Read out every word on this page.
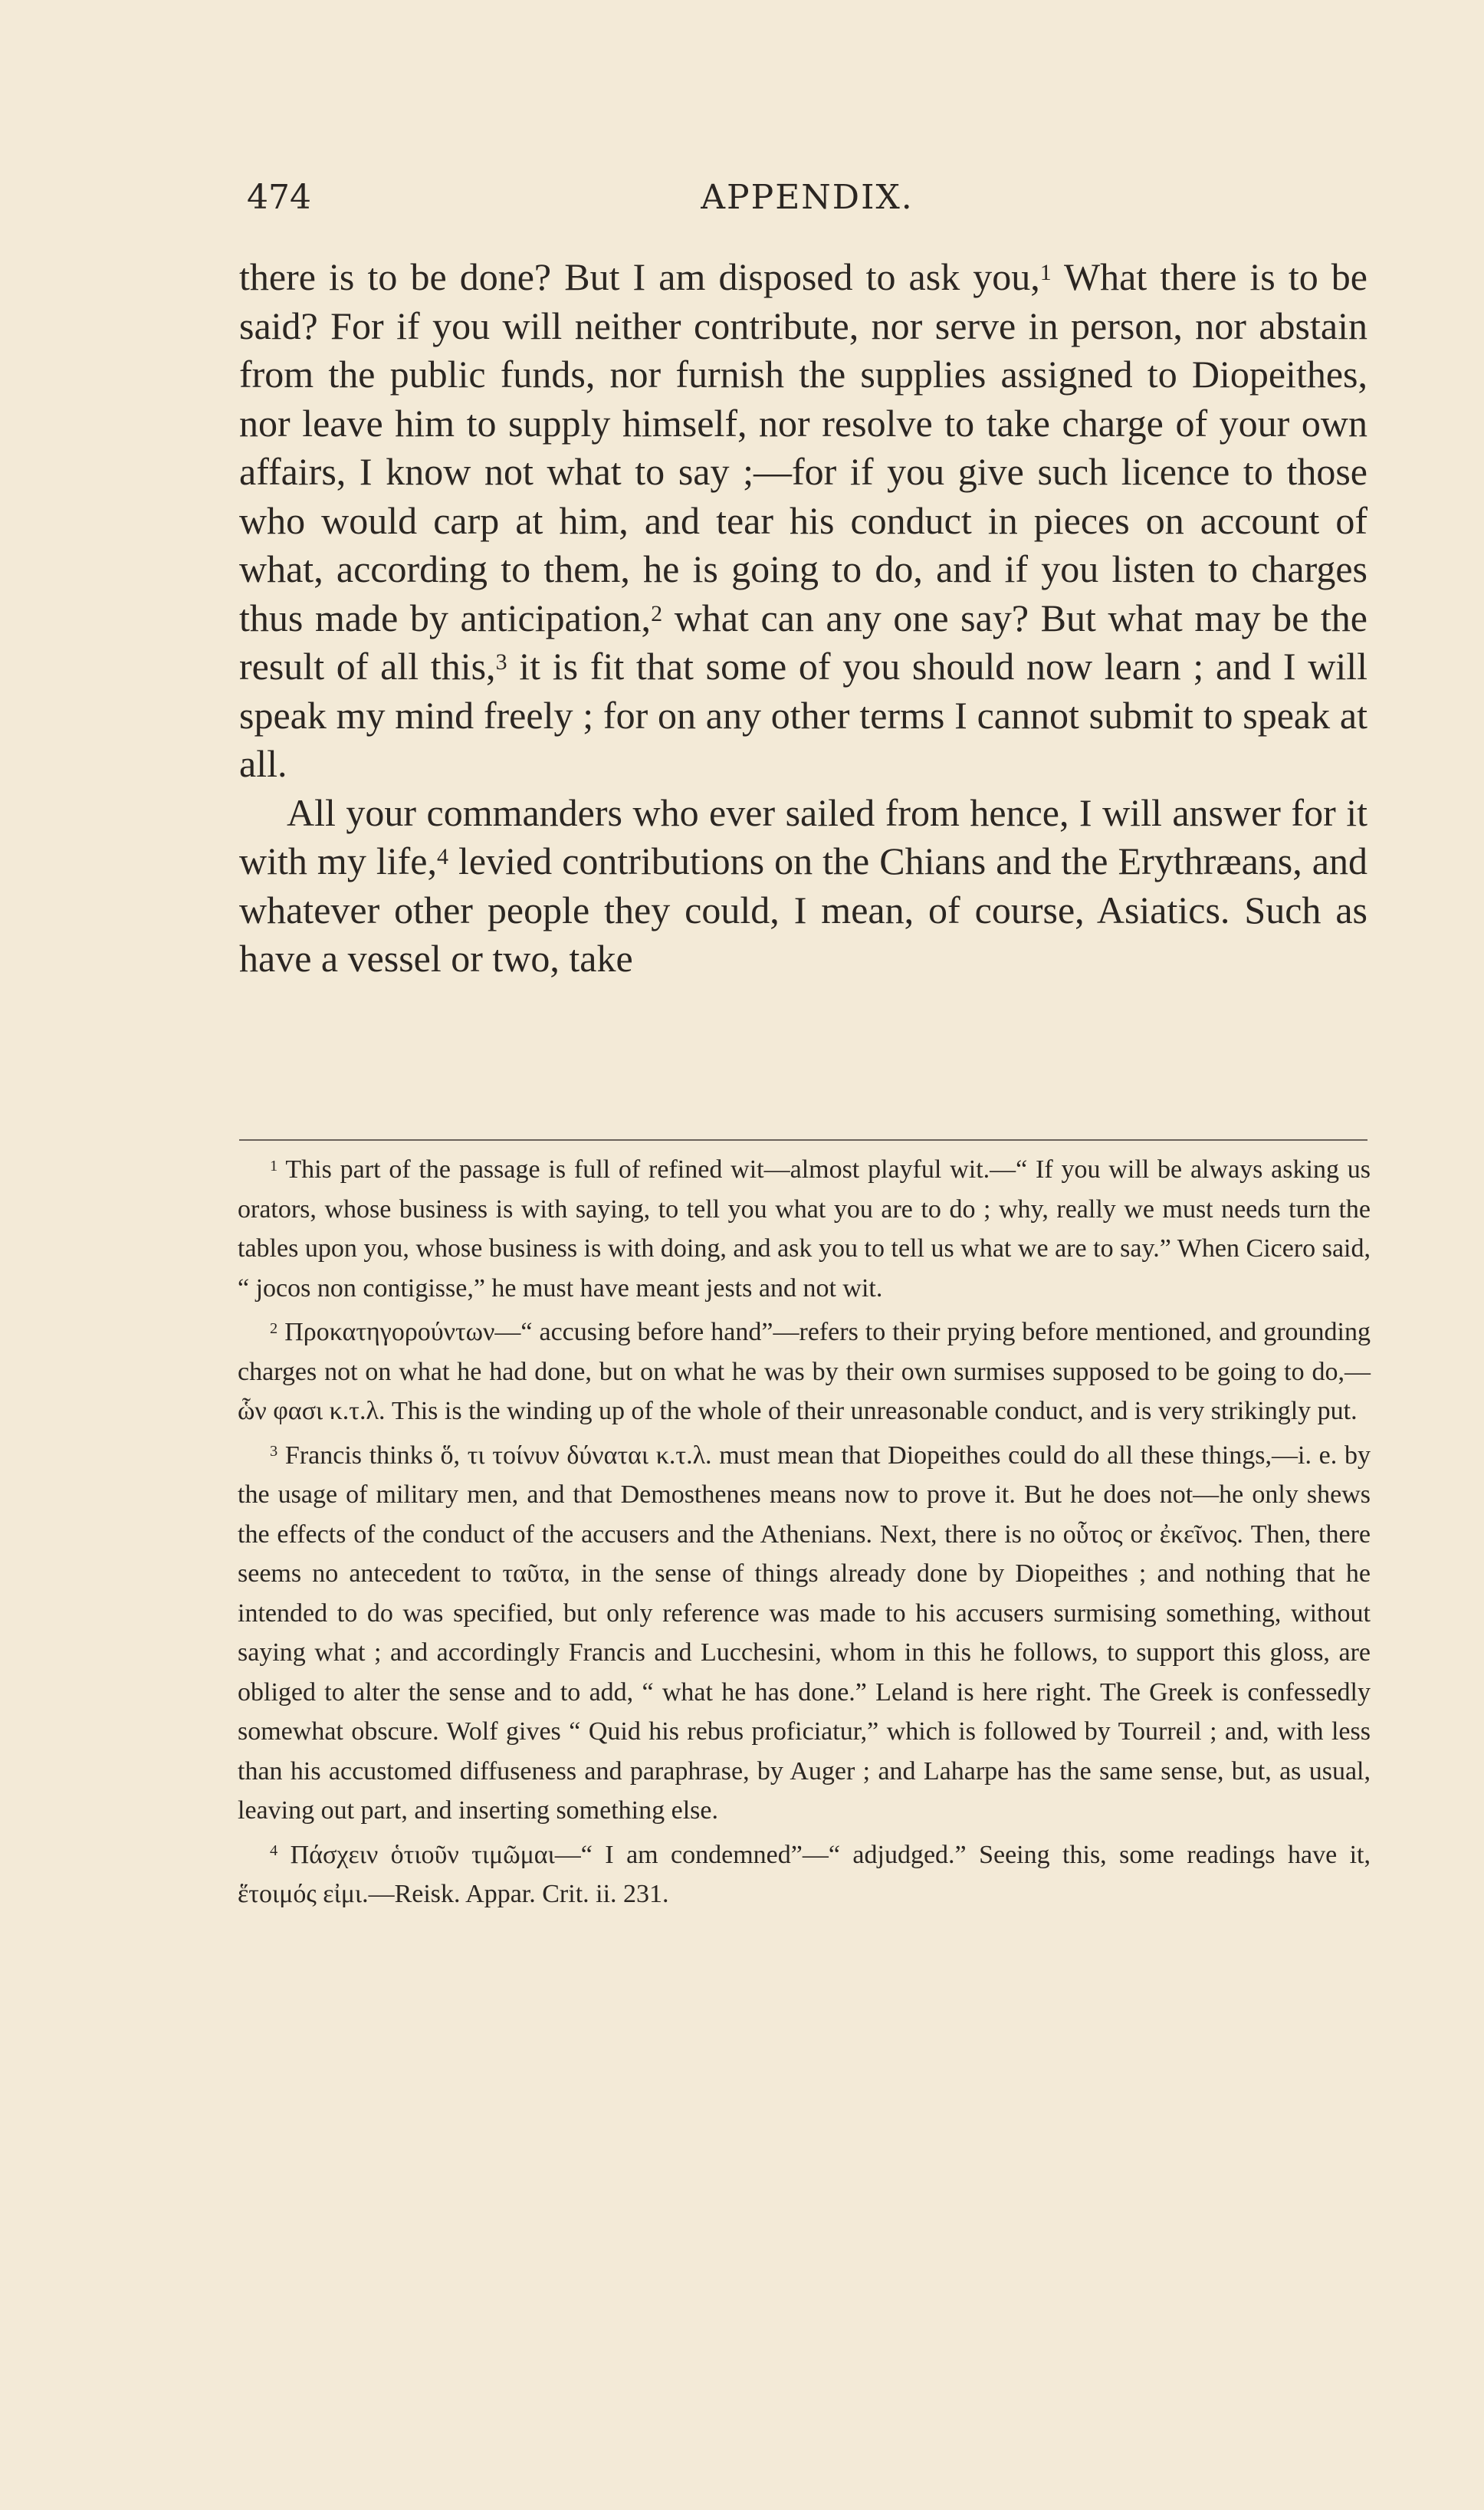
474	APPENDIX.

there is to be done? But I am disposed to ask you,$^1$ What there is to be said? For if you will neither contribute, nor serve in person, nor abstain from the public funds, nor furnish the supplies assigned to Diopeithes, nor leave him to supply himself, nor resolve to take charge of your own affairs, I know not what to say ;—for if you give such licence to those who would carp at him, and tear his conduct in pieces on account of what, according to them, he is going to do, and if you listen to charges thus made by anticipation,$^2$ what can any one say? But what may be the result of all this,$^3$ it is fit that some of you should now learn ; and I will speak my mind freely ; for on any other terms I cannot submit to speak at all.

All your commanders who ever sailed from hence, I will answer for it with my life,$^4$ levied contributions on the Chians and the Erythræans, and whatever other people they could, I mean, of course, Asiatics. Such as have a vessel or two, take

$^1$ This part of the passage is full of refined wit—almost playful wit.—“ If you will be always asking us orators, whose business is with saying, to tell you what you are to do ; why, really we must needs turn the tables upon you, whose business is with doing, and ask you to tell us what we are to say.” When Cicero said, “ jocos non contigisse,” he must have meant jests and not wit.

$^2$ Προκατηγορούντων—“ accusing before hand”—refers to their prying before mentioned, and grounding charges not on what he had done, but on what he was by their own surmises supposed to be going to do,—ὧν φασι κ.τ.λ. This is the winding up of the whole of their unreasonable conduct, and is very strikingly put.

$^3$ Francis thinks ὅ, τι τοίνυν δύναται κ.τ.λ. must mean that Diopeithes could do all these things,—i. e. by the usage of military men, and that Demosthenes means now to prove it. But he does not—he only shews the effects of the conduct of the accusers and the Athenians. Next, there is no οὗτος or ἐκεῖνος. Then, there seems no antecedent to ταῦτα, in the sense of things already done by Diopeithes ; and nothing that he intended to do was specified, but only reference was made to his accusers surmising something, without saying what ; and accordingly Francis and Lucchesini, whom in this he follows, to support this gloss, are obliged to alter the sense and to add, “ what he has done.” Leland is here right. The Greek is confessedly somewhat obscure. Wolf gives “ Quid his rebus proficiatur,” which is followed by Tourreil ; and, with less than his accustomed diffuseness and paraphrase, by Auger ; and Laharpe has the same sense, but, as usual, leaving out part, and inserting something else.

$^4$ Πάσχειν ὁτιοῦν τιμῶμαι—“ I am condemned”—“ adjudged.” Seeing this, some readings have it, ἕτοιμός εἰμι.—Reisk. Appar. Crit. ii. 231.
